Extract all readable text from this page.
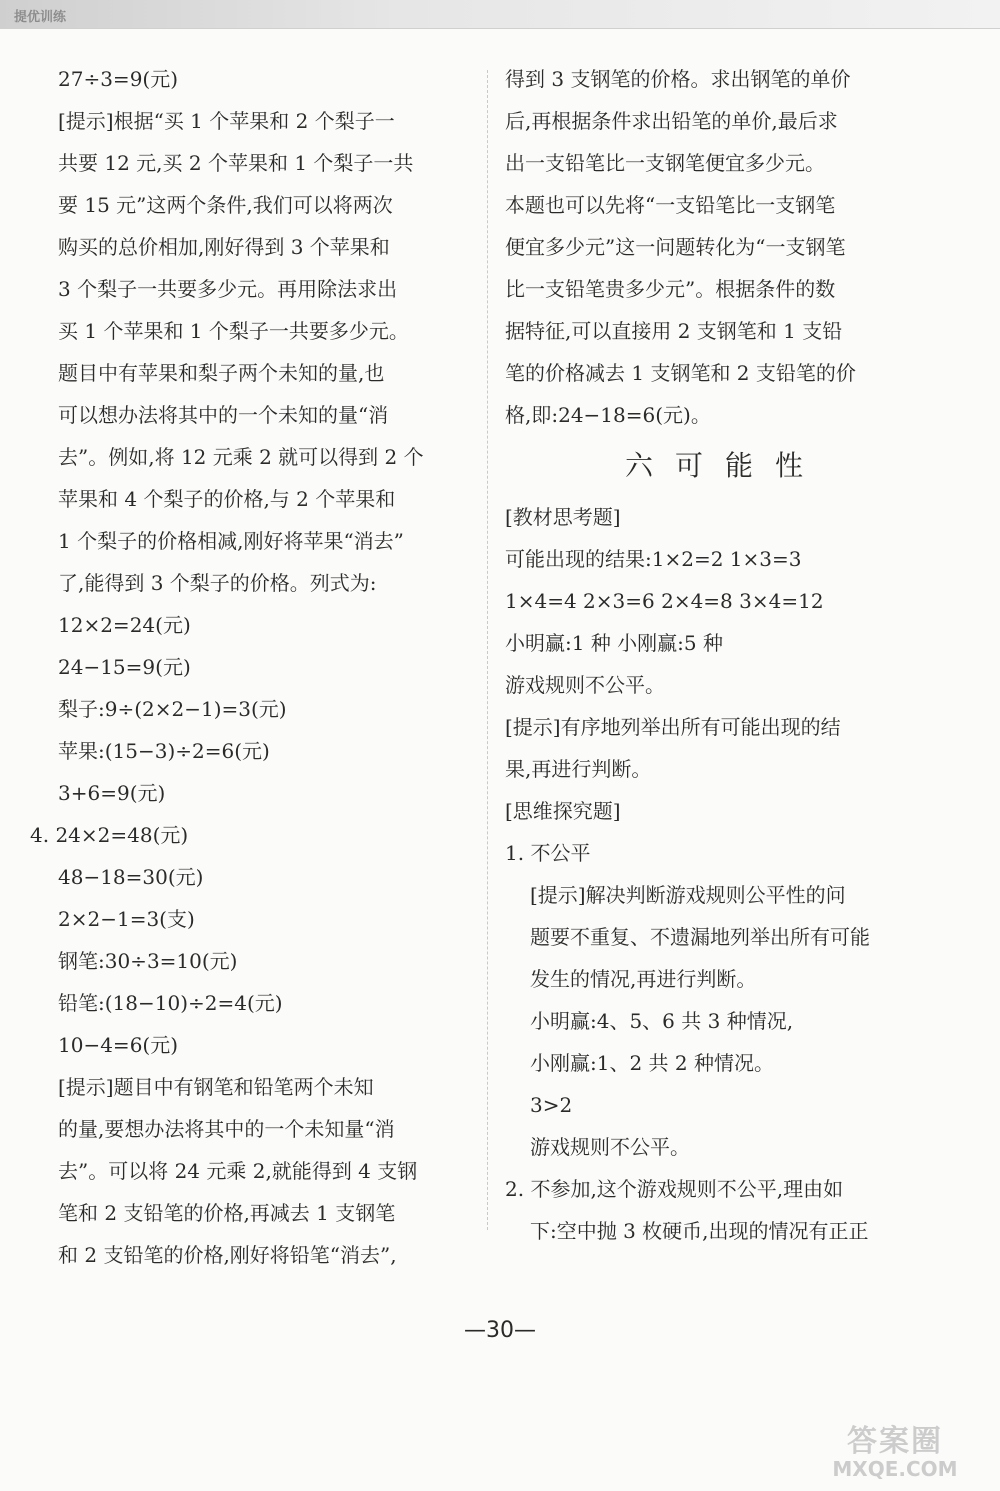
提优训练
27÷3=9(元)
[提示]根据“买 1 个苹果和 2 个梨子一
共要 12 元,买 2 个苹果和 1 个梨子一共
要 15 元”这两个条件,我们可以将两次
购买的总价相加,刚好得到 3 个苹果和
3 个梨子一共要多少元。再用除法求出
买 1 个苹果和 1 个梨子一共要多少元。
题目中有苹果和梨子两个未知的量,也
可以想办法将其中的一个未知的量“消
去”。例如,将 12 元乘 2 就可以得到 2 个
苹果和 4 个梨子的价格,与 2 个苹果和
1 个梨子的价格相减,刚好将苹果“消去”
了,能得到 3 个梨子的价格。列式为:
12×2=24(元)
24−15=9(元)
梨子:9÷(2×2−1)=3(元)
苹果:(15−3)÷2=6(元)
3+6=9(元)
4. 24×2=48(元)
48−18=30(元)
2×2−1=3(支)
钢笔:30÷3=10(元)
铅笔:(18−10)÷2=4(元)
10−4=6(元)
[提示]题目中有钢笔和铅笔两个未知
的量,要想办法将其中的一个未知量“消
去”。可以将 24 元乘 2,就能得到 4 支钢
笔和 2 支铅笔的价格,再减去 1 支钢笔
和 2 支铅笔的价格,刚好将铅笔“消去”,
得到 3 支钢笔的价格。求出钢笔的单价
后,再根据条件求出铅笔的单价,最后求
出一支铅笔比一支钢笔便宜多少元。
本题也可以先将“一支铅笔比一支钢笔
便宜多少元”这一问题转化为“一支钢笔
比一支铅笔贵多少元”。根据条件的数
据特征,可以直接用 2 支钢笔和 1 支铅
笔的价格减去 1 支钢笔和 2 支铅笔的价
格,即:24−18=6(元)。
六可能性
[教材思考题]
可能出现的结果:1×2=2 1×3=3
1×4=4 2×3=6 2×4=8 3×4=12
小明赢:1 种 小刚赢:5 种
游戏规则不公平。
[提示]有序地列举出所有可能出现的结
果,再进行判断。
[思维探究题]
1. 不公平
[提示]解决判断游戏规则公平性的问
题要不重复、不遗漏地列举出所有可能
发生的情况,再进行判断。
小明赢:4、5、6 共 3 种情况,
小刚赢:1、2 共 2 种情况。
3>2
游戏规则不公平。
2. 不参加,这个游戏规则不公平,理由如
下:空中抛 3 枚硬币,出现的情况有正正
—30—
答案圈
MXQE.COM
